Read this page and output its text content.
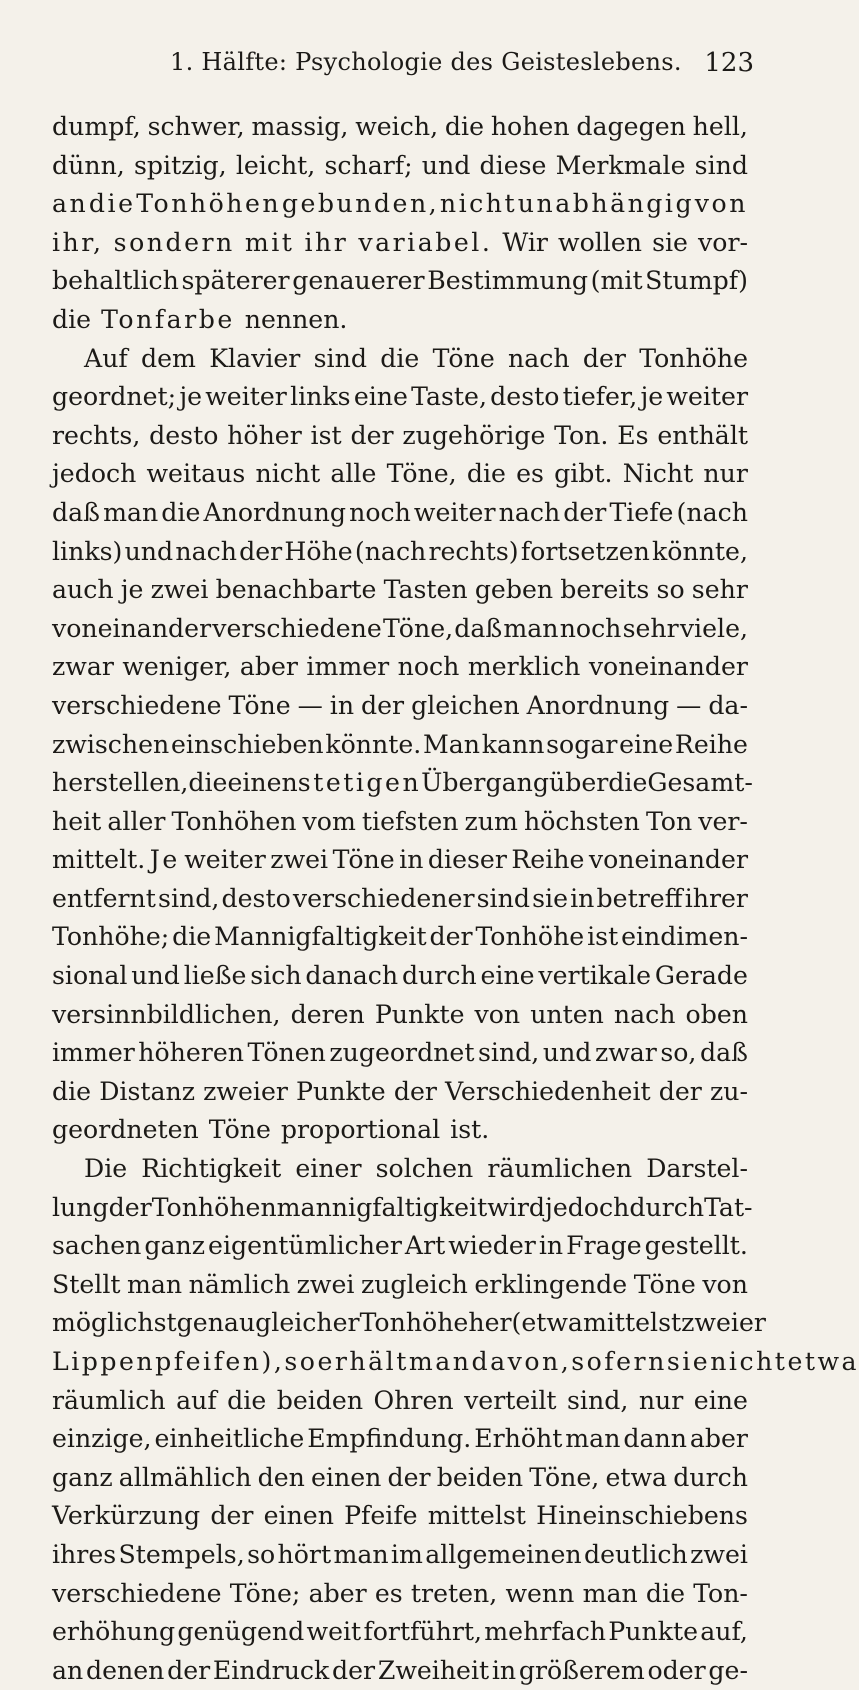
1. Hälfte: Psychologie des Geisteslebens. 123
dumpf, schwer, massig, weich, die hohen dagegen hell,
dünn, spitzig, leicht, scharf; und diese Merkmale sind
an die Tonhöhen gebunden, nicht unabhängig von
ihr, sondern mit ihr variabel. Wir wollen sie vor-
behaltlich späterer genauerer Bestimmung (mit Stumpf)
die Tonfarbe nennen.
Auf dem Klavier sind die Töne nach der Tonhöhe
geordnet; je weiter links eine Taste, desto tiefer, je weiter
rechts, desto höher ist der zugehörige Ton. Es enthält
jedoch weitaus nicht alle Töne, die es gibt. Nicht nur
daß man die Anordnung noch weiter nach der Tiefe (nach
links) und nach der Höhe (nach rechts) fortsetzen könnte,
auch je zwei benachbarte Tasten geben bereits so sehr
voneinander verschiedene Töne, daß man noch sehr viele,
zwar weniger, aber immer noch merklich voneinander
verschiedene Töne — in der gleichen Anordnung — da-
zwischen einschieben könnte. Man kann sogar eine Reihe
herstellen, die einen stetigen Übergang über die Gesamt-
heit aller Tonhöhen vom tiefsten zum höchsten Ton ver-
mittelt. Je weiter zwei Töne in dieser Reihe voneinander
entfernt sind, desto verschiedener sind sie in betreff ihrer
Tonhöhe; die Mannigfaltigkeit der Tonhöhe ist eindimen-
sional und ließe sich danach durch eine vertikale Gerade
versinnbildlichen, deren Punkte von unten nach oben
immer höheren Tönen zugeordnet sind, und zwar so, daß
die Distanz zweier Punkte der Verschiedenheit der zu-
geordneten Töne proportional ist.
Die Richtigkeit einer solchen räumlichen Darstel-
lung der Tonhöhenmannigfaltigkeit wird jedoch durch Tat-
sachen ganz eigentümlicher Art wieder in Frage gestellt.
Stellt man nämlich zwei zugleich erklingende Töne von
möglichst genau gleicher Tonhöhe her (etwa mittelst zweier
Lippenpfeifen), so erhält man davon, sofern sie nicht etwa
räumlich auf die beiden Ohren verteilt sind, nur eine
einzige, einheitliche Empfindung. Erhöht man dann aber
ganz allmählich den einen der beiden Töne, etwa durch
Verkürzung der einen Pfeife mittelst Hineinschiebens
ihres Stempels, so hört man im allgemeinen deutlich zwei
verschiedene Töne; aber es treten, wenn man die Ton-
erhöhung genügend weit fortführt, mehrfach Punkte auf,
an denen der Eindruck der Zweiheit in größerem oder ge-
